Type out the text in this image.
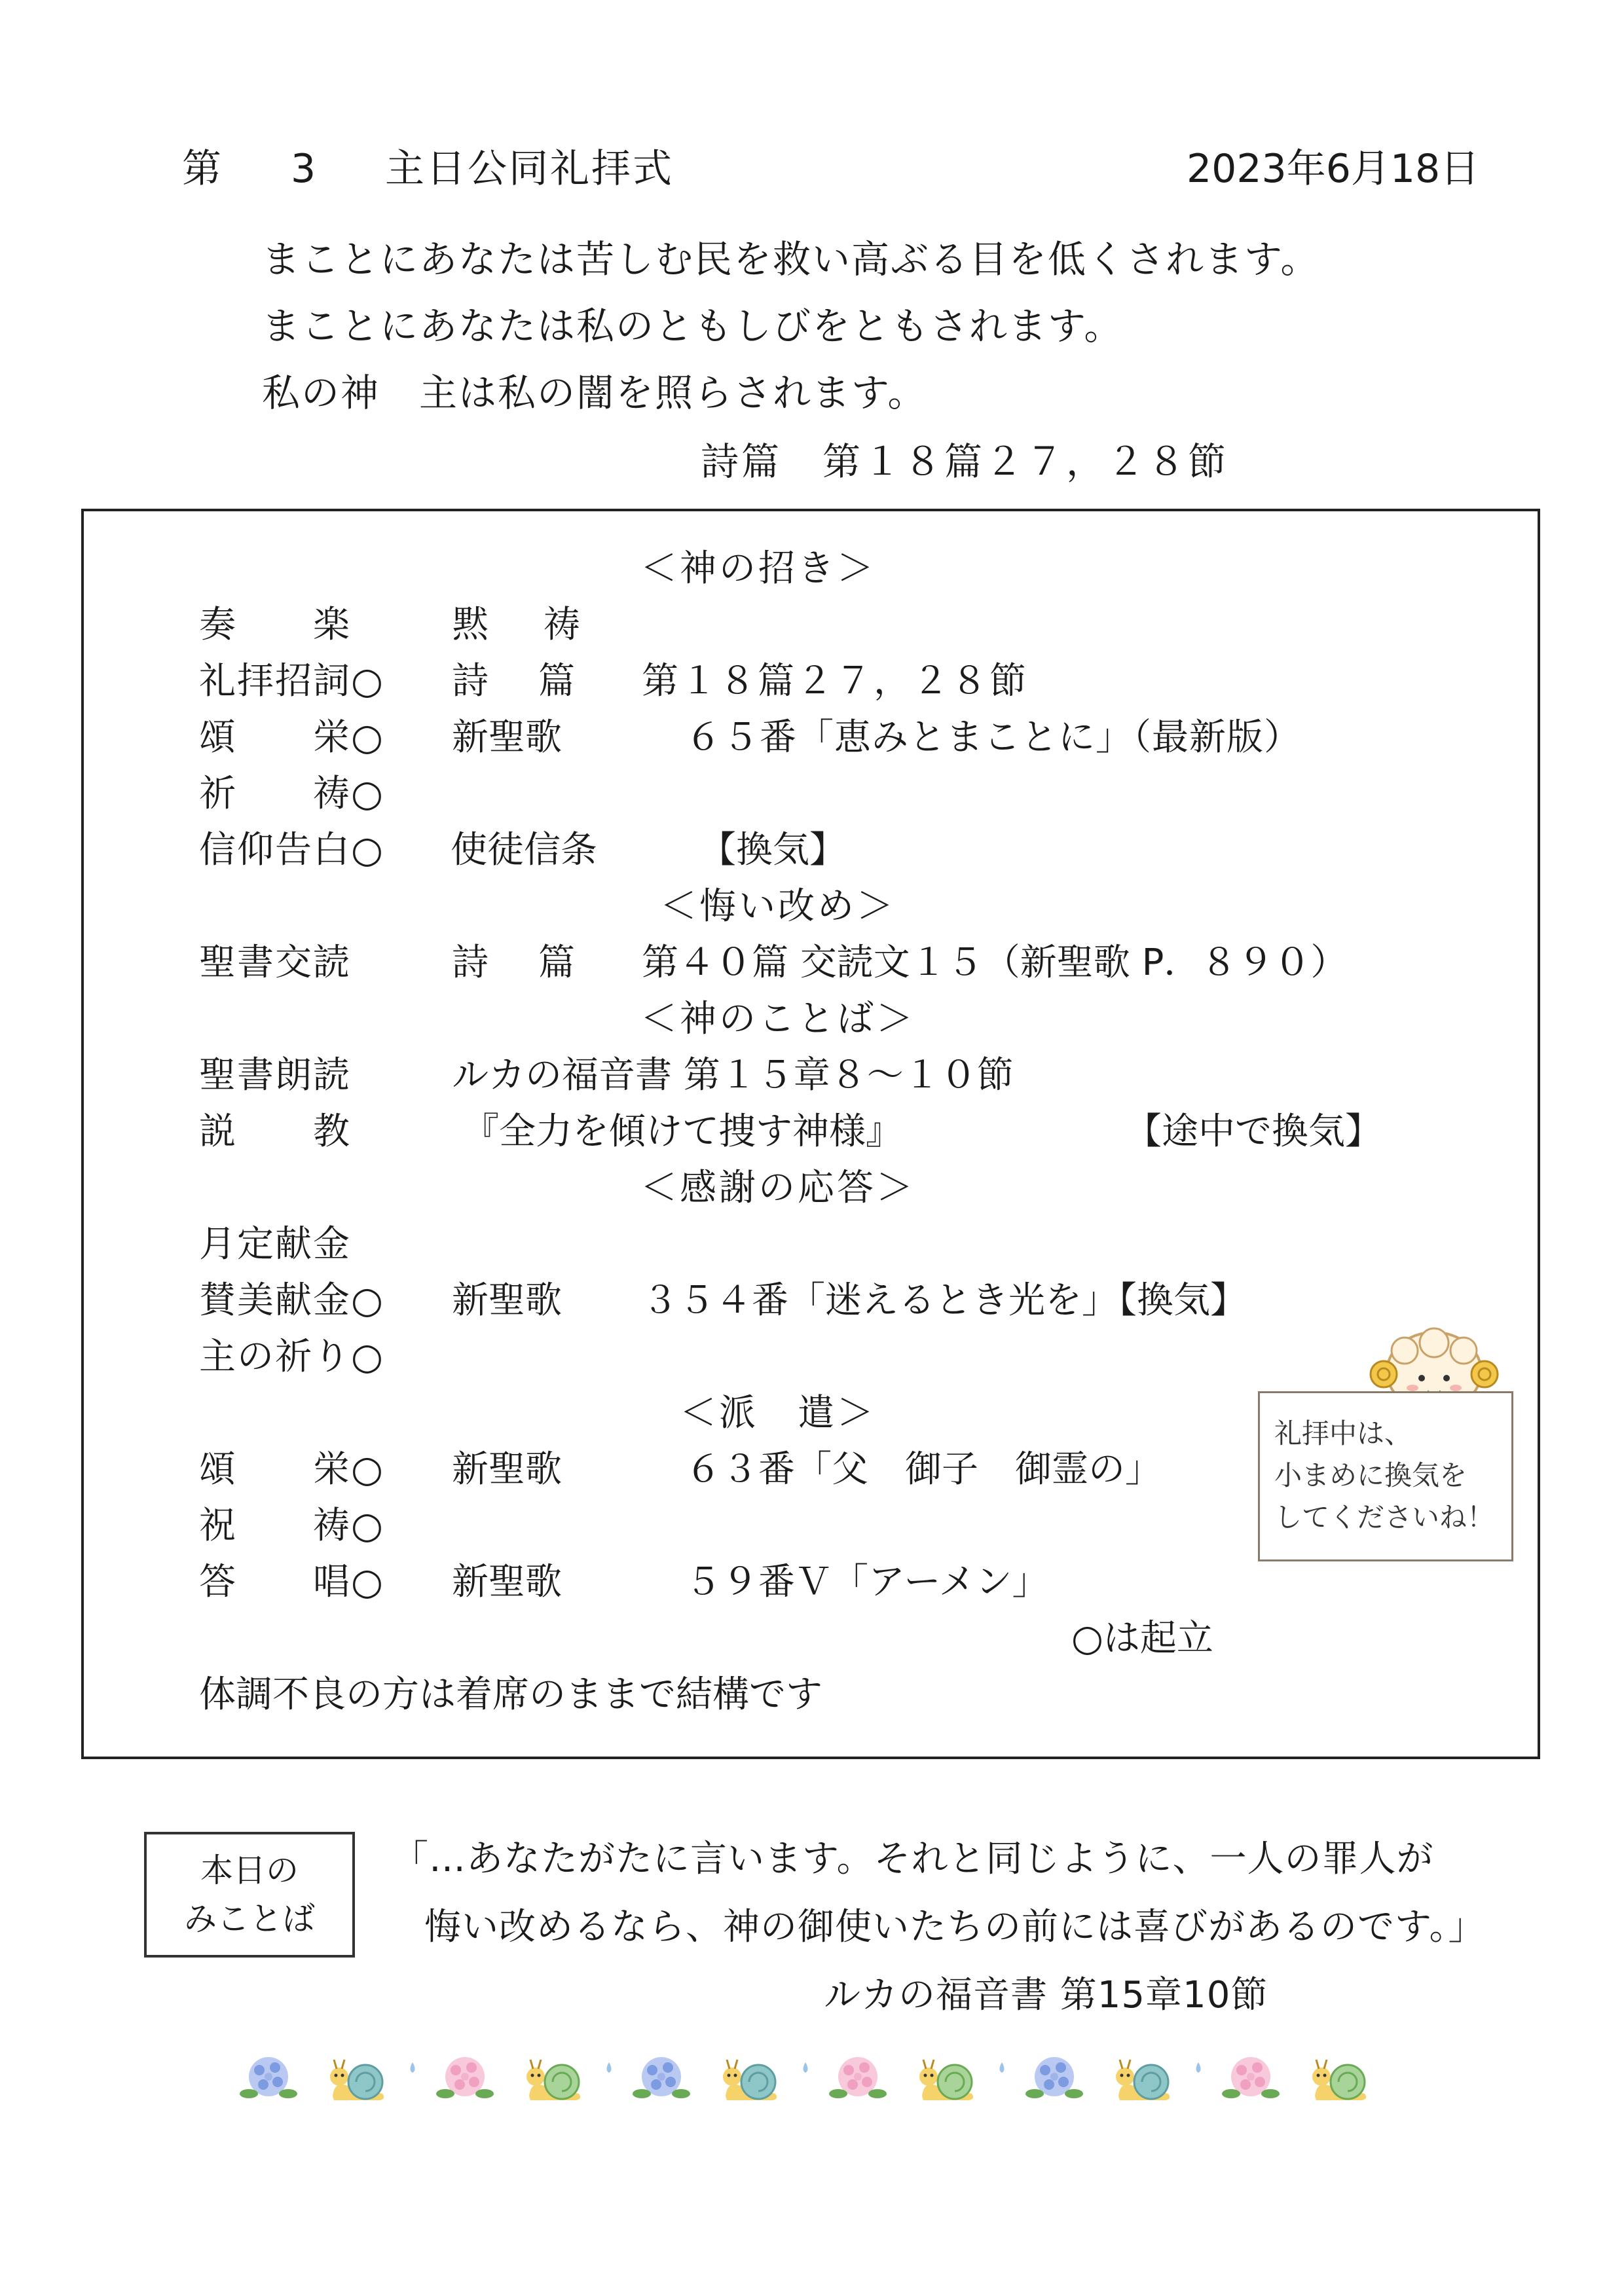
第 3 主日公同礼拝式	2023年6月18日
まことにあなたは苦しむ民を救い高ぶる目を低くされます。
まことにあなたは私のともしびをともされます。
私の神　主は私の闇を照らされます。
詩篇　第１８篇２７，２８節
＜神の招き＞
奏　　楽	黙　祷
礼拝招詞○ 詩　篇 第１８篇２７，２８節
頌　　栄○ 新聖歌	６５番「恵みとまことに」（最新版）
祈　　祷○
信仰告白○ 使徒信条	【換気】
＜悔い改め＞
聖書交読	詩　篇 第４０篇 交読文１５（新聖歌 P．８９０）
＜神のことば＞
聖書朗読	ルカの福音書 第１５章８～１０節
説　　教	『全力を傾けて捜す神様』	【途中で換気】
＜感謝の応答＞
月定献金
賛美献金○ 新聖歌 ３５４番「迷えるとき光を」【換気】
主の祈り○
＜派　遣＞
頌　　栄○ 新聖歌	６３番「父　御子　御霊の」
祝　　祷○
答　　唱○ 新聖歌	５９番Ｖ「アーメン」
○は起立
体調不良の方は着席のままで結構です
礼拝中は、
小まめに換気を
してくださいね！
本日の
みことば
「…あなたがたに言います。それと同じように、一人の罪人が
悔い改めるなら、神の御使いたちの前には喜びがあるのです。」
ルカの福音書 第15章10節
